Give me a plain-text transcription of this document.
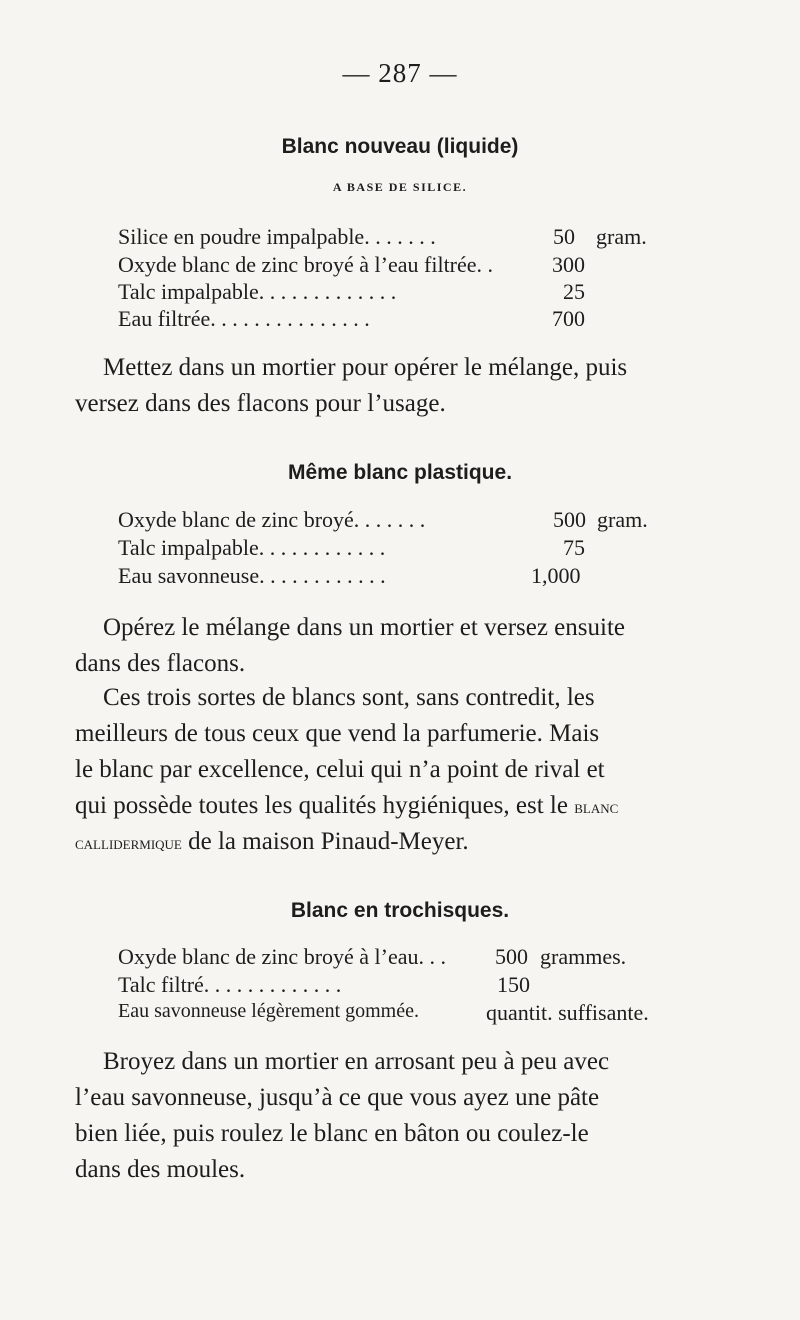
— 287 —
Blanc nouveau (liquide)
A BASE DE SILICE.
Silice en poudre impalpable. . . . . . .	50 gram.
Oxyde blanc de zinc broyé à l’eau filtrée. .	300
Talc impalpable. . . . . . . . . . . . .	25
Eau filtrée. . . . . . . . . . . . . . .	700
Mettez dans un mortier pour opérer le mélange, puis
versez dans des flacons pour l’usage.
Même blanc plastique.
Oxyde blanc de zinc broyé. . . . . . .	500 gram.
Talc impalpable. . . . . . . . . . . .	75
Eau savonneuse. . . . . . . . . . . .	1,000
Opérez le mélange dans un mortier et versez ensuite
dans des flacons.
Ces trois sortes de blancs sont, sans contredit, les
meilleurs de tous ceux que vend la parfumerie. Mais
le blanc par excellence, celui qui n’a point de rival et
qui possède toutes les qualités hygiéniques, est le blanc
calliderмique de la maison Pinaud-Meyer.
Blanc en trochisques.
Oxyde blanc de zinc broyé à l’eau. . . 500 grammes.
Talc filtré. . . . . . . . . . . . .	150
Eau savonneuse légèrement gommée.	quantit. suffisante.
Broyez dans un mortier en arrosant peu à peu avec
l’eau savonneuse, jusqu’à ce que vous ayez une pâte
bien liée, puis roulez le blanc en bâton ou coulez-le
dans des moules.
